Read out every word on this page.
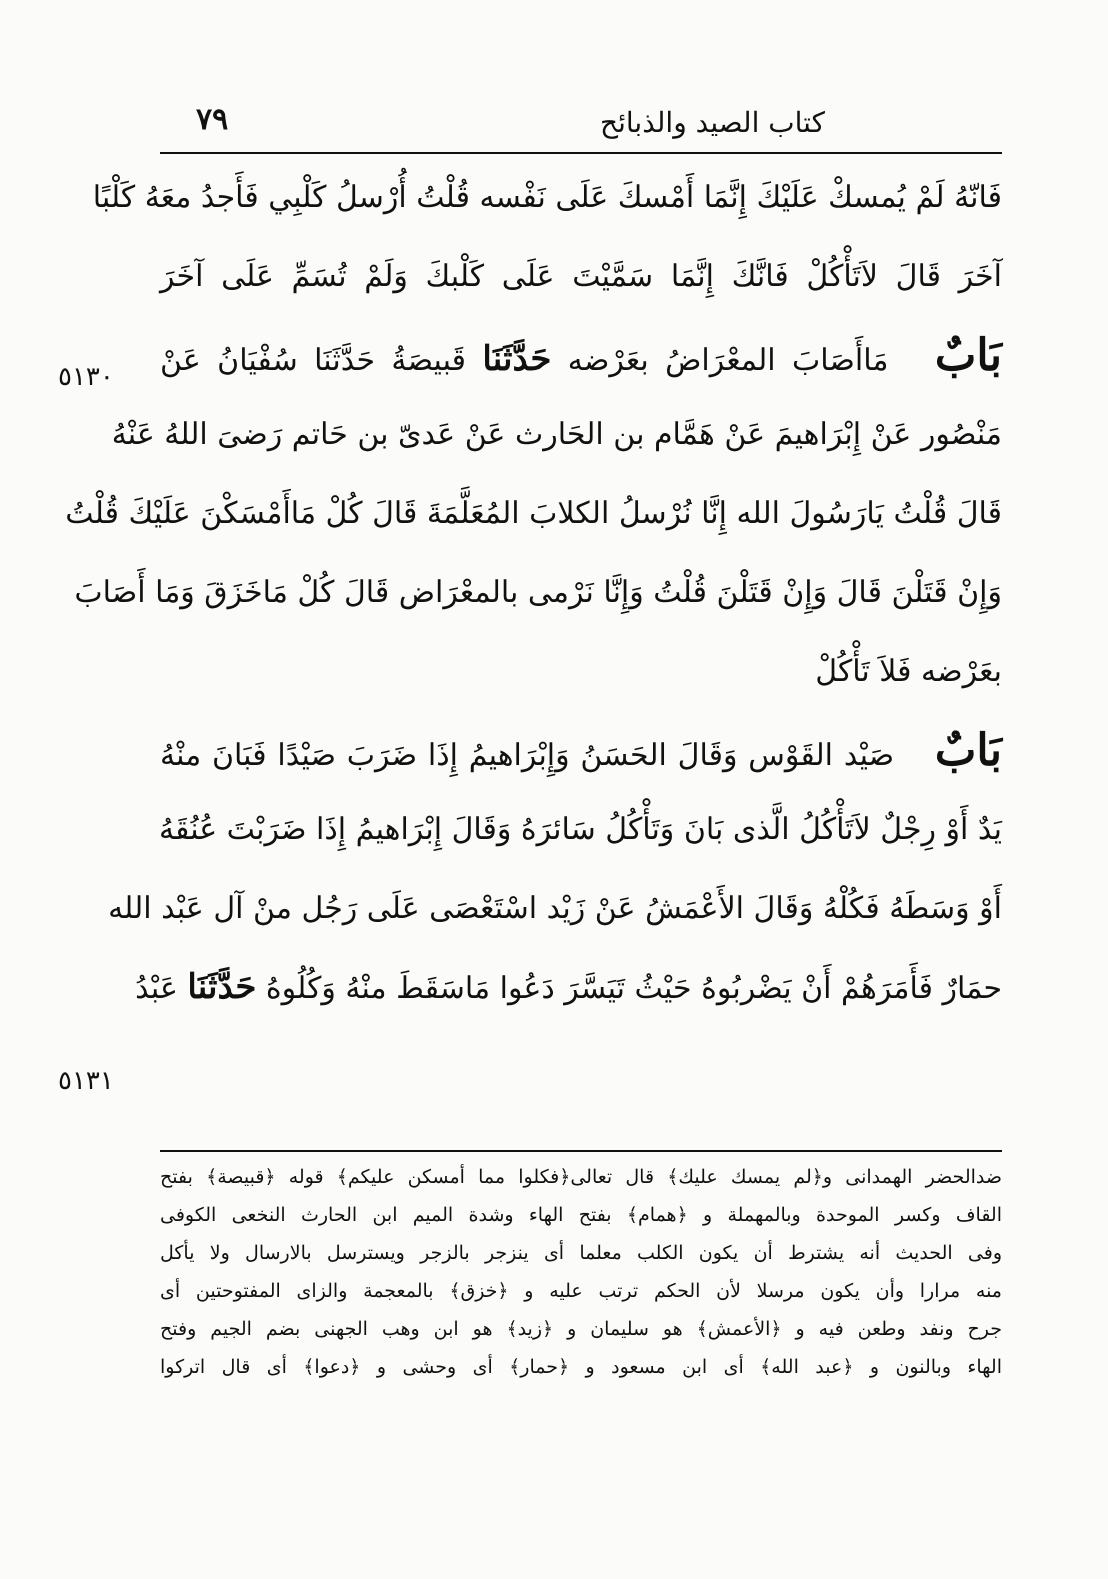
۷۹	كتاب الصيد والذبائح
فَانّهُ لَمْ يُمسكْ عَلَيْكَ إِنَّمَا أَمْسكَ عَلَى نَفْسه قُلْتُ أُرْسلُ كَلْبِي فَأَجدُ معَهُ كَلْبًا
آخَرَ قَالَ لاَتَأْكُلْ فَانَّكَ إِنَّمَا سَمَّيْتَ عَلَى كَلْبكَ وَلَمْ تُسَمِّ عَلَى آخَرَ
بَابٌ مَاأَصَابَ المعْرَاضُ بعَرْضه حَدَّثَنَا قَبيصَةُ حَدَّثَنَا سُفْيَانُ عَنْ
مَنْصُور عَنْ إِبْرَاهيمَ عَنْ هَمَّام بن الحَارث عَنْ عَدىّ بن حَاتم رَضىَ اللهُ عَنْهُ
قَالَ قُلْتُ يَارَسُولَ الله إِنَّا نُرْسلُ الكلابَ المُعَلَّمَةَ قَالَ كُلْ مَاأَمْسَكْنَ عَلَيْكَ قُلْتُ
وَإِنْ قَتَلْنَ قَالَ وَإِنْ قَتَلْنَ قُلْتُ وَإِنَّا نَرْمى بالمعْرَاض قَالَ كُلْ مَاخَزَقَ وَمَا أَصَابَ
بعَرْضه فَلاَ تَأْكُلْ
بَابٌ صَيْد القَوْس وَقَالَ الحَسَنُ وَإِبْرَاهيمُ إِذَا ضَرَبَ صَيْدًا فَبَانَ منْهُ
يَدٌ أَوْ رِجْلٌ لاَتَأْكُلُ الَّذى بَانَ وَتَأْكُلُ سَائرَهُ وَقَالَ إِبْرَاهيمُ إِذَا ضَرَبْتَ عُنُقَهُ
أَوْ وَسَطَهُ فَكُلْهُ وَقَالَ الأَعْمَشُ عَنْ زَيْد اسْتَعْصَى عَلَى رَجُل منْ آل عَبْد الله
حمَارٌ فَأَمَرَهُمْ أَنْ يَضْربُوهُ حَيْثُ تَيَسَّرَ دَعُوا مَاسَقَطَ منْهُ وَكُلُوهُ حَدَّثَنَا عَبْدُ
٥١٣٠
٥١٣١
ضدالحضر الهمدانى و﴿لم يمسك عليك﴾ قال تعالى﴿فكلوا مما أمسكن عليكم﴾ قوله ﴿قبيصة﴾ بفتح
القاف وكسر الموحدة وبالمهملة و ﴿همام﴾ بفتح الهاء وشدة الميم ابن الحارث النخعى الكوفى
وفى الحديث أنه يشترط أن يكون الكلب معلما أى ينزجر بالزجر ويسترسل بالارسال ولا يأكل
منه مرارا وأن يكون مرسلا لأن الحكم ترتب عليه و ﴿خزق﴾ بالمعجمة والزاى المفتوحتين أى
جرح ونفد وطعن فيه و ﴿الأعمش﴾ هو سليمان و ﴿زيد﴾ هو ابن وهب الجهنى بضم الجيم وفتح
الهاء وبالنون و ﴿عبد الله﴾ أى ابن مسعود و ﴿حمار﴾ أى وحشى و ﴿دعوا﴾ أى قال اتركوا
